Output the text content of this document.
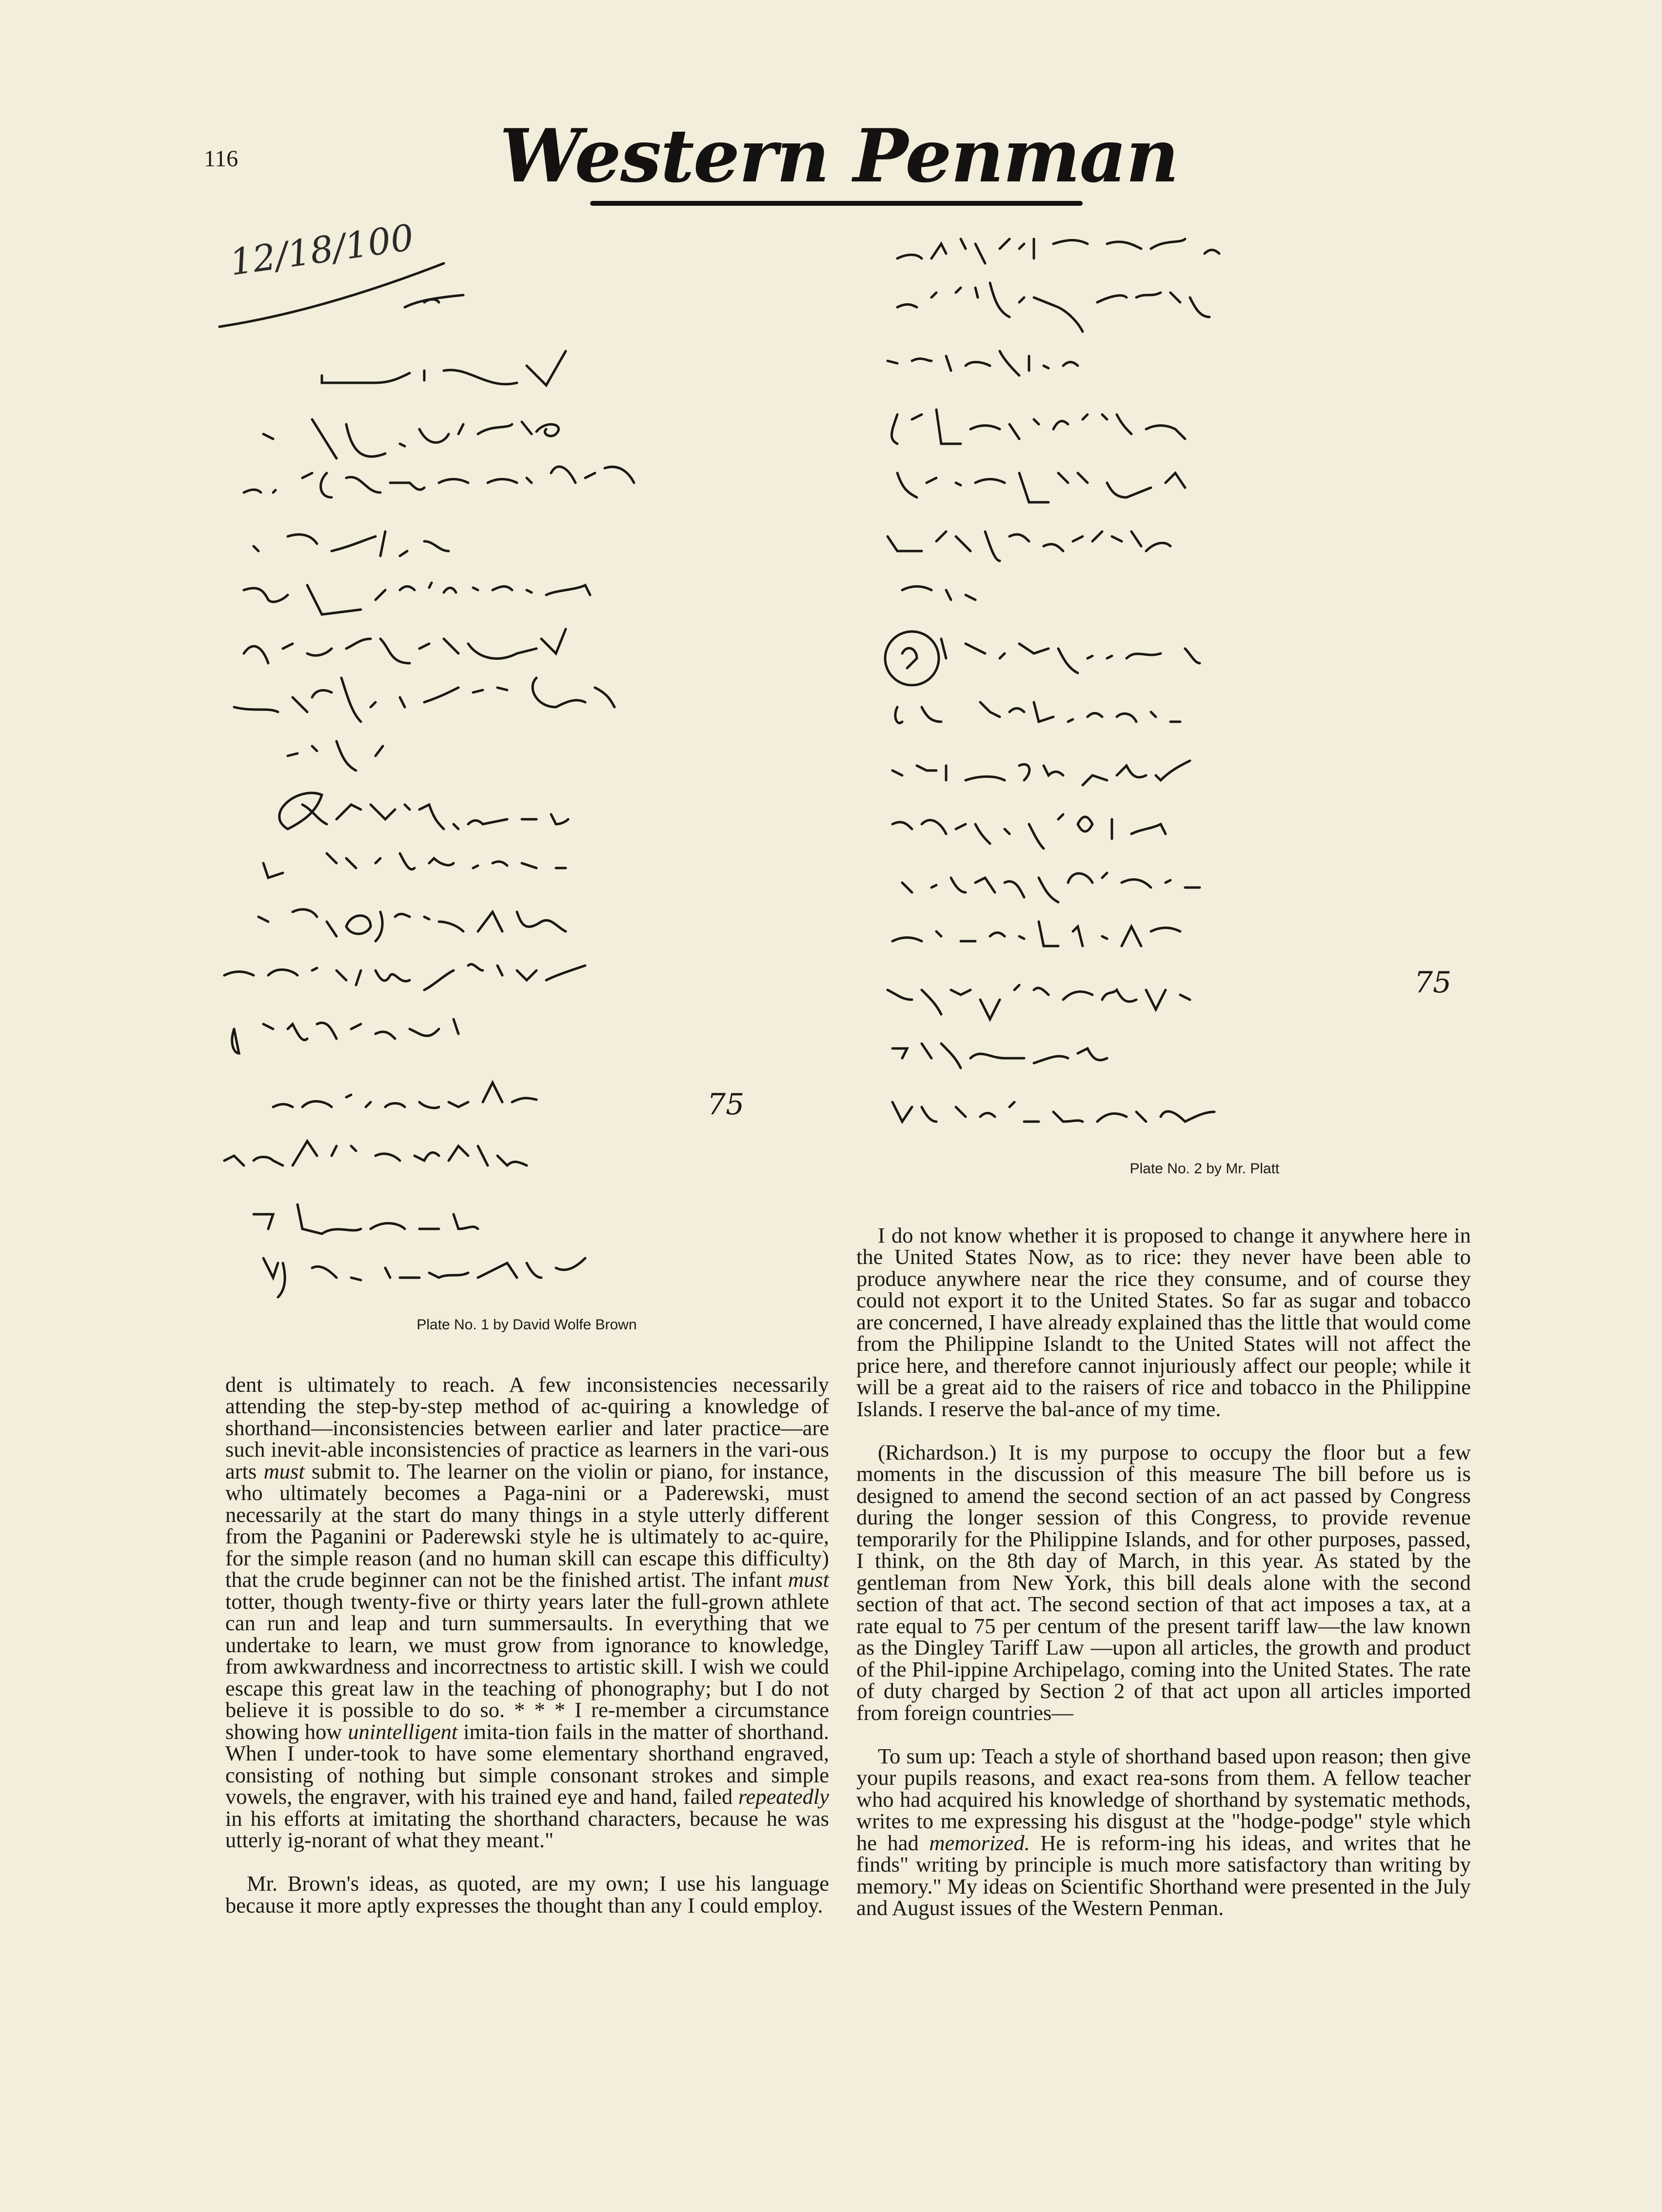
116	Western Penman
12/18/100
75
Plate No. 1 by David Wolfe Brown
75
Plate No. 2 by Mr. Platt

dent is ultimately to reach. A few inconsistencies necessarily attending the step-by-step method of ac-quiring a knowledge of shorthand—inconsistencies between earlier and later practice—are such inevit-able inconsistencies of practice as learners in the vari-ous arts must submit to. The learner on the violin or piano, for instance, who ultimately becomes a Paga-nini or a Paderewski, must necessarily at the start do many things in a style utterly different from the Paganini or Paderewski style he is ultimately to ac-quire, for the simple reason (and no human skill can escape this difficulty) that the crude beginner can not be the finished artist. The infant must totter, though twenty-five or thirty years later the full-grown athlete can run and leap and turn summersaults. In everything that we undertake to learn, we must grow from ignorance to knowledge, from awkwardness and incorrectness to artistic skill. I wish we could escape this great law in the teaching of phonography; but I do not believe it is possible to do so. * * * I re-member a circumstance showing how unintelligent imita-tion fails in the matter of shorthand. When I under-took to have some elementary shorthand engraved, consisting of nothing but simple consonant strokes and simple vowels, the engraver, with his trained eye and hand, failed repeatedly in his efforts at imitating the shorthand characters, because he was utterly ig-norant of what they meant."

Mr. Brown's ideas, as quoted, are my own; I use his language because it more aptly expresses the thought than any I could employ.

I do not know whether it is proposed to change it anywhere here in the United States Now, as to rice: they never have been able to produce anywhere near the rice they consume, and of course they could not export it to the United States. So far as sugar and tobacco are concerned, I have already explained thas the little that would come from the Philippine Islandt to the United States will not affect the price here, and therefore cannot injuriously affect our people; while it will be a great aid to the raisers of rice and tobacco in the Philippine Islands. I reserve the bal-ance of my time.

(Richardson.) It is my purpose to occupy the floor but a few moments in the discussion of this measure The bill before us is designed to amend the second section of an act passed by Congress during the longer session of this Congress, to provide revenue temporarily for the Philippine Islands, and for other purposes, passed, I think, on the 8th day of March, in this year. As stated by the gentleman from New York, this bill deals alone with the second section of that act. The second section of that act imposes a tax, at a rate equal to 75 per centum of the present tariff law—the law known as the Dingley Tariff Law —upon all articles, the growth and product of the Phil-ippine Archipelago, coming into the United States. The rate of duty charged by Section 2 of that act upon all articles imported from foreign countries—

To sum up: Teach a style of shorthand based upon reason; then give your pupils reasons, and exact rea-sons from them. A fellow teacher who had acquired his knowledge of shorthand by systematic methods, writes to me expressing his disgust at the "hodge-podge" style which he had memorized. He is reform-ing his ideas, and writes that he finds" writing by principle is much more satisfactory than writing by memory." My ideas on Scientific Shorthand were presented in the July and August issues of the Western Penman.
